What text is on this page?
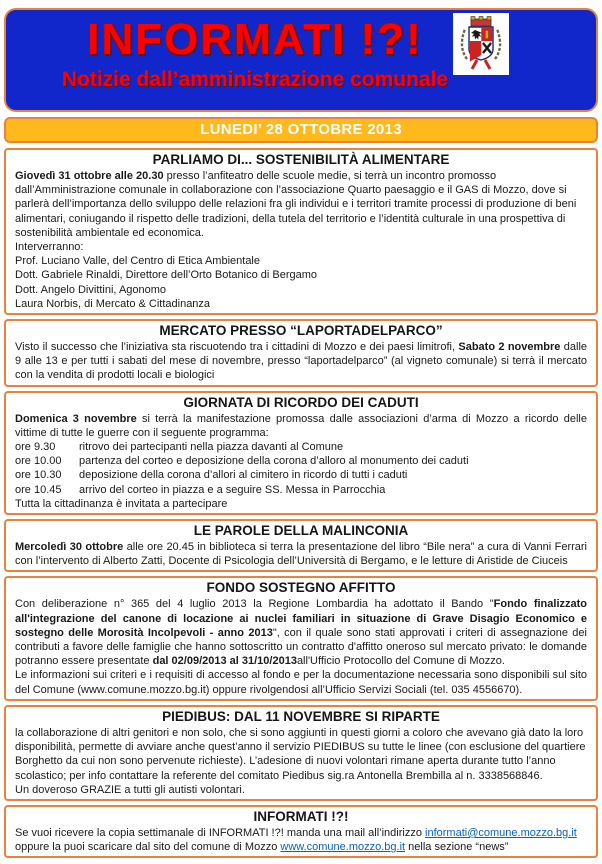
INFORMATI !?!
Notizie dall’amministrazione comunale
LUNEDI’ 28 OTTOBRE 2013
PARLIAMO DI... SOSTENIBILITÀ ALIMENTARE

Giovedì 31 ottobre alle 20.30 presso l’anfiteatro delle scuole medie, si terrà un incontro promosso dall’Amministrazione comunale in collaborazione con l’associazione Quarto paesaggio e il GAS di Mozzo, dove si parlerà dell’importanza dello sviluppo delle relazioni fra gli individui e i territori tramite processi di produzione di beni alimentari, coniugando il rispetto delle tradizioni, della tutela del territorio e l’identità culturale in una prospettiva di sostenibilità ambientale ed economica.

Interverranno:

Prof. Luciano Valle, del Centro di Etica Ambientale

Dott. Gabriele Rinaldi, Direttore dell’Orto Botanico di Bergamo

Dott. Angelo Divittini, Agonomo

Laura Norbis, di Mercato & Cittadinanza

MERCATO PRESSO “LAPORTADELPARCO”

Visto il successo che l’iniziativa sta riscuotendo tra i cittadini di Mozzo e dei paesi limitrofi, Sabato 2 novembre dalle 9 alle 13 e per tutti i sabati del mese di novembre, presso “laportadelparco” (al vigneto comunale) si terrà il mercato con la vendita di prodotti locali e biologici

GIORNATA DI RICORDO DEI CADUTI

Domenica 3 novembre si terrà la manifestazione promossa dalle associazioni d’arma di Mozzo a ricordo delle vittime di tutte le guerre con il seguente programma:

ore 9.30	ritrovo dei partecipanti nella piazza davanti al Comune
ore 10.00	partenza del corteo e deposizione della corona d’alloro al monumento dei caduti
ore 10.30	deposizione della corona d’allori al cimitero in ricordo di tutti i caduti
ore 10.45	arrivo del corteo in piazza e a seguire SS. Messa in Parrocchia

Tutta la cittadinanza è invitata a partecipare

LE PAROLE DELLA MALINCONIA

Mercoledì 30 ottobre alle ore 20.45 in biblioteca si terra la presentazione del libro “Bile nera” a cura di Vanni Ferrari con l’intervento di Alberto Zatti, Docente di Psicologia dell’Università di Bergamo, e le letture di Aristide de Ciuceis

FONDO SOSTEGNO AFFITTO

Con deliberazione n° 365 del 4 luglio 2013 la Regione Lombardia ha adottato il Bando "Fondo finalizzato all'integrazione del canone di locazione ai nuclei familiari in situazione di Grave Disagio Economico e sostegno delle Morosità Incolpevoli - anno 2013", con il quale sono stati approvati i criteri di assegnazione dei contributi a favore delle famiglie che hanno sottoscritto un contratto d'affitto oneroso sul mercato privato: le domande potranno essere presentate dal 02/09/2013 al 31/10/2013all'Ufficio Protocollo del Comune di Mozzo.

Le informazioni sui criteri e i requisiti di accesso al fondo e per la documentazione necessaria sono disponibili sul sito del Comune (www.comune.mozzo.bg.it) oppure rivolgendosi all’Ufficio Servizi Sociali (tel. 035 4556670).

PIEDIBUS: DAL 11 NOVEMBRE SI RIPARTE

la collaborazione di altri genitori e non solo, che si sono aggiunti in questi giorni a coloro che avevano già dato la loro disponibilità, permette di avviare anche quest’anno il servizio PIEDIBUS su tutte le linee (con esclusione del quartiere Borghetto da cui non sono pervenute richieste). L’adesione di nuovi volontari rimane aperta durante tutto l’anno scolastico; per info contattare la referente del comitato Piedibus sig.ra Antonella Brembilla al n. 3338568846.

Un doveroso GRAZIE a tutti gli autisti volontari.

INFORMATI !?!

Se vuoi ricevere la copia settimanale di INFORMATI !?! manda una mail all’indirizzo informati@comune.mozzo.bg.it oppure la puoi scaricare dal sito del comune di Mozzo www.comune.mozzo.bg.it nella sezione “news”
